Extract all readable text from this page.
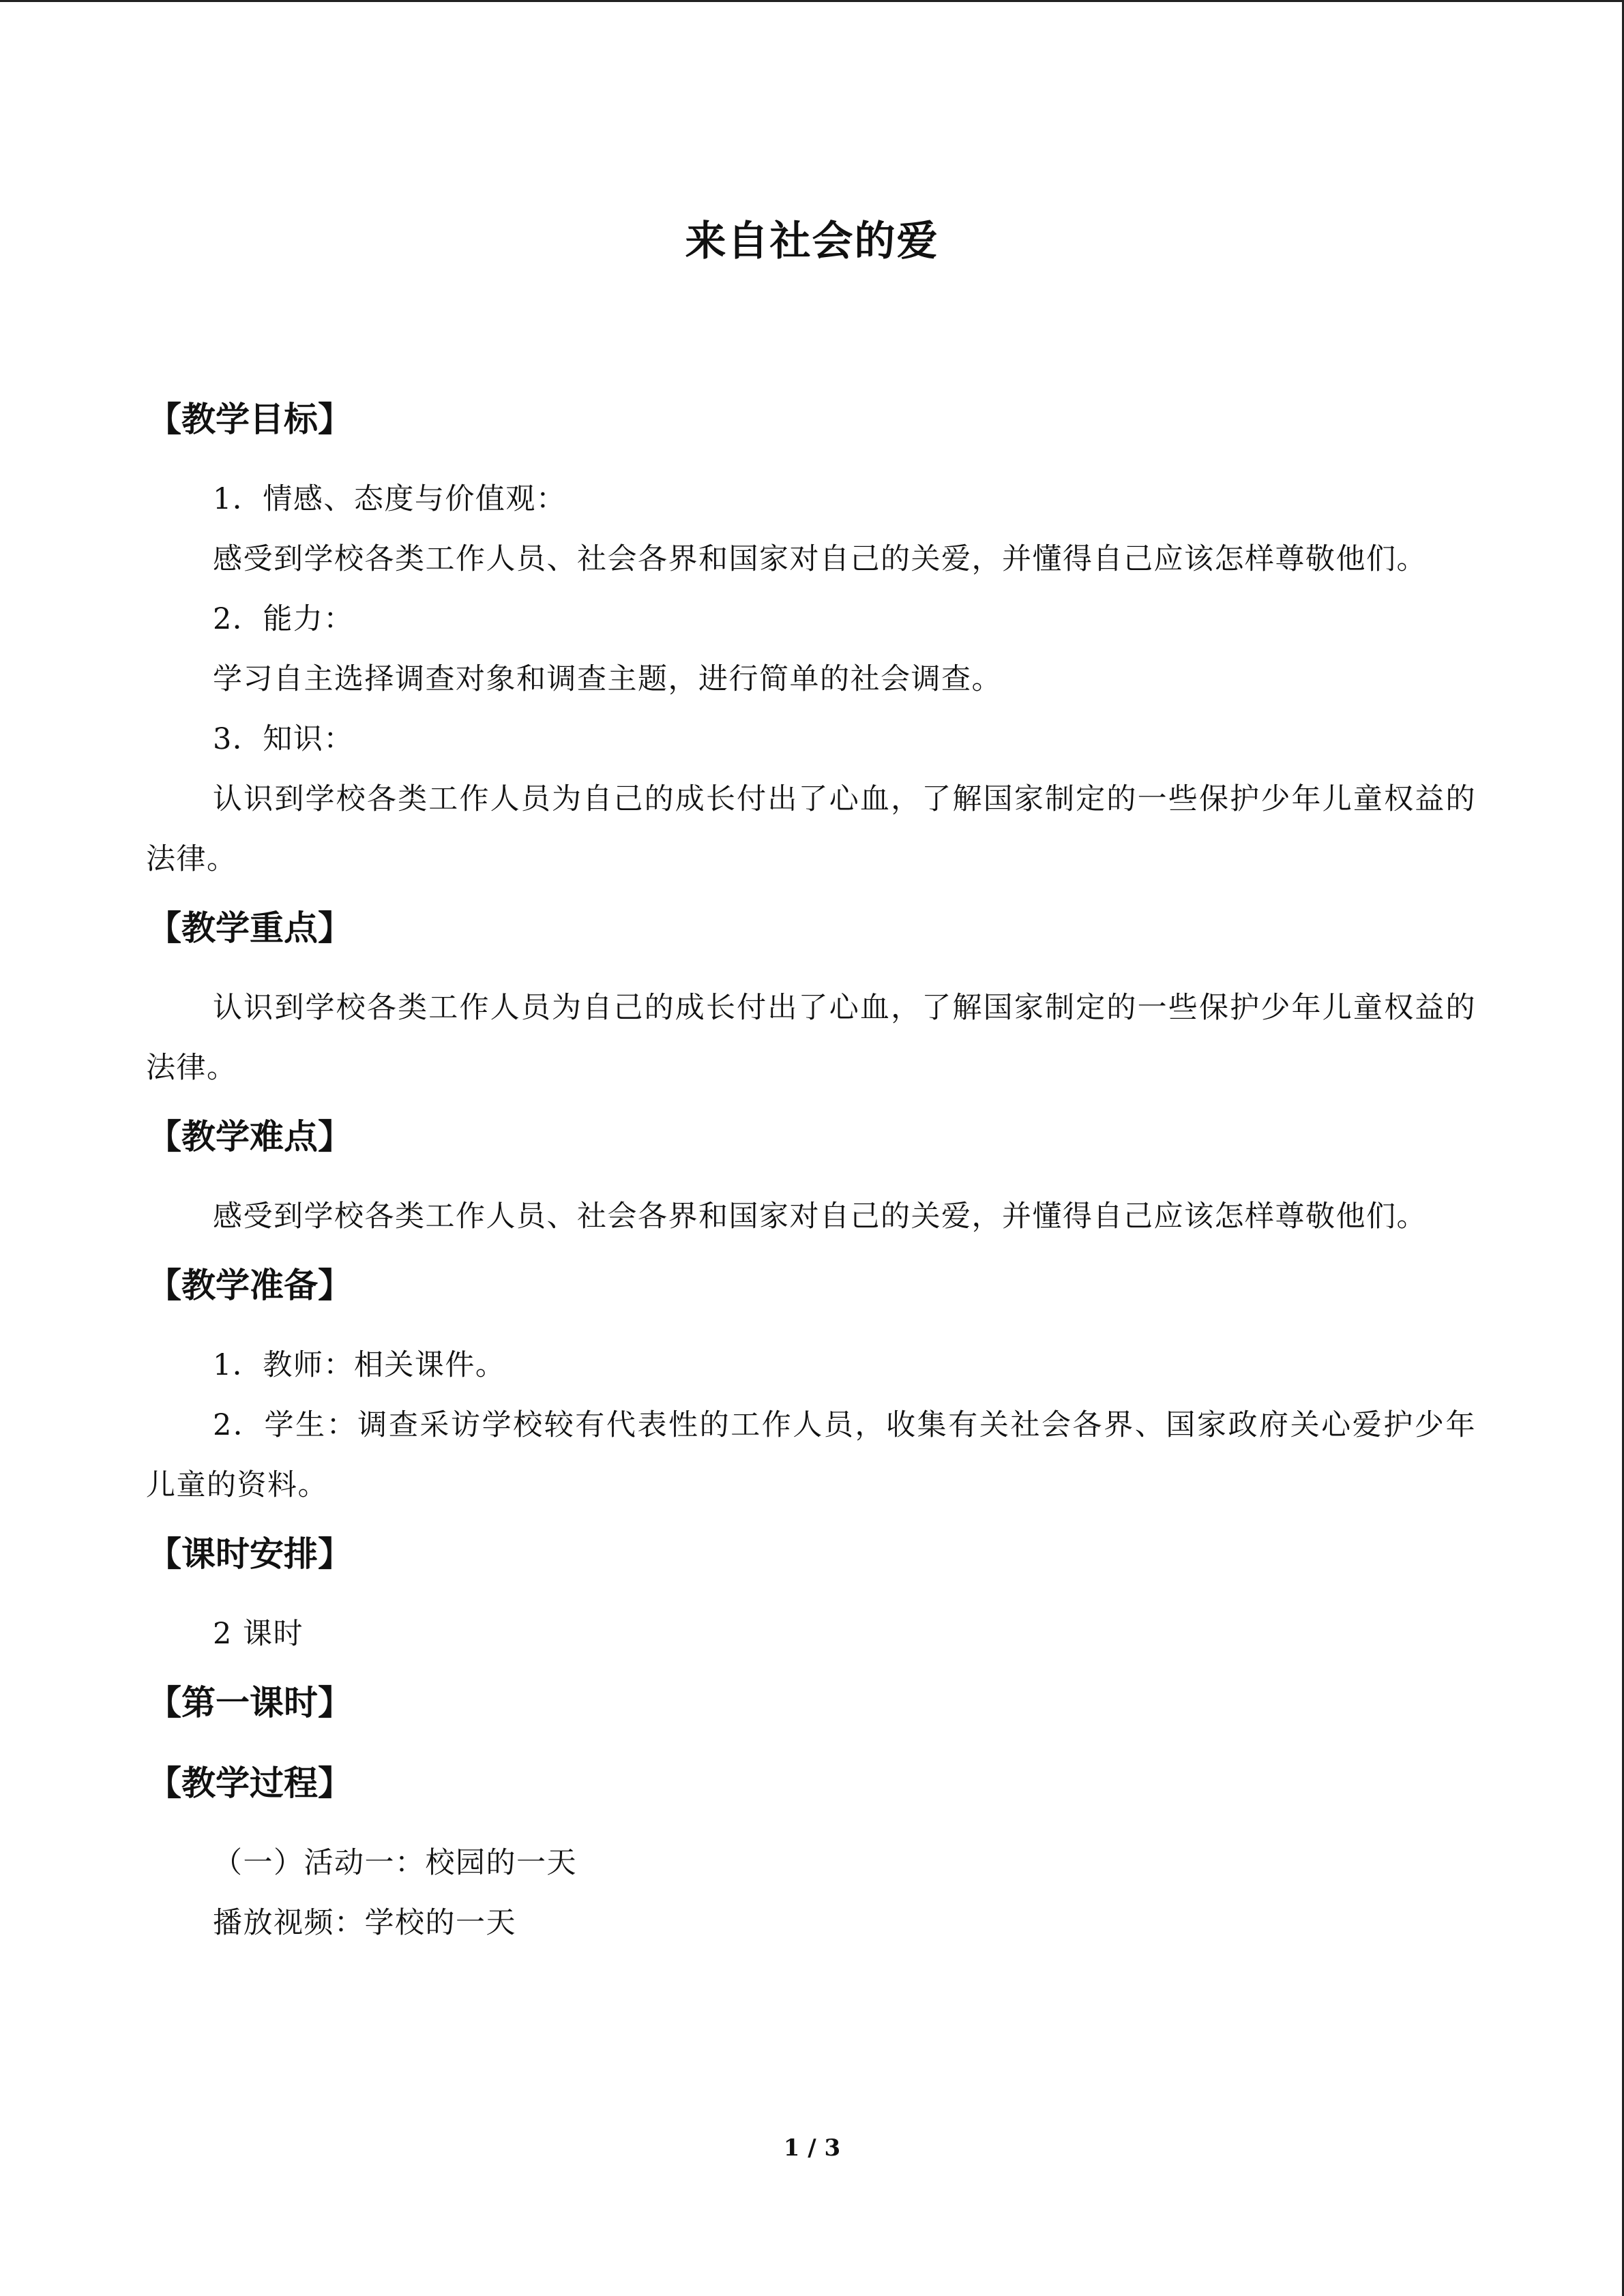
来自社会的爱
【教学目标】

1．情感、态度与价值观：

感受到学校各类工作人员、社会各界和国家对自己的关爱，并懂得自己应该怎样尊敬他们。

2．能力：

学习自主选择调查对象和调查主题，进行简单的社会调查。

3．知识：

认识到学校各类工作人员为自己的成长付出了心血，了解国家制定的一些保护少年儿童权益的法律。

【教学重点】

认识到学校各类工作人员为自己的成长付出了心血，了解国家制定的一些保护少年儿童权益的法律。

【教学难点】

感受到学校各类工作人员、社会各界和国家对自己的关爱，并懂得自己应该怎样尊敬他们。

【教学准备】

1．教师：相关课件。

2．学生：调查采访学校较有代表性的工作人员，收集有关社会各界、国家政府关心爱护少年儿童的资料。

【课时安排】

2 课时

【第一课时】
【教学过程】

（一）活动一：校园的一天

播放视频：学校的一天

1 / 3
